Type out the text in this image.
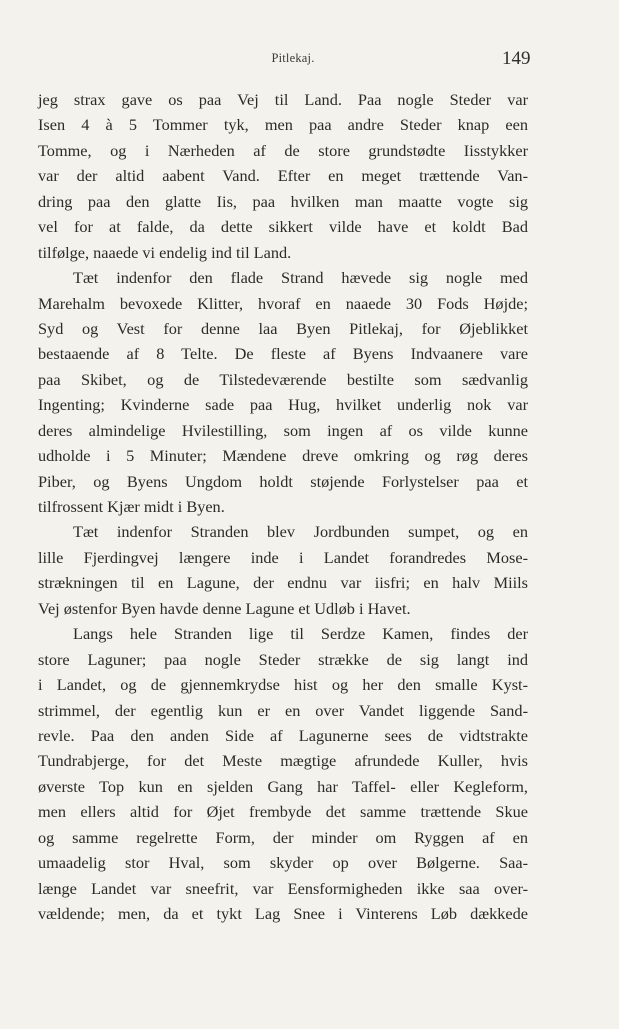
Pitlekaj.	149
jeg strax gave os paa Vej til Land. Paa nogle Steder var
Isen 4 à 5 Tommer tyk, men paa andre Steder knap een
Tomme, og i Nærheden af de store grundstødte Iisstykker
var der altid aabent Vand. Efter en meget trættende Van-
dring paa den glatte Iis, paa hvilken man maatte vogte sig
vel for at falde, da dette sikkert vilde have et koldt Bad
tilfølge, naaede vi endelig ind til Land.
Tæt indenfor den flade Strand hævede sig nogle med
Marehalm bevoxede Klitter, hvoraf en naaede 30 Fods Højde;
Syd og Vest for denne laa Byen Pitlekaj, for Øjeblikket
bestaaende af 8 Telte. De fleste af Byens Indvaanere vare
paa Skibet, og de Tilstedeværende bestilte som sædvanlig
Ingenting; Kvinderne sade paa Hug, hvilket underlig nok var
deres almindelige Hvilestilling, som ingen af os vilde kunne
udholde i 5 Minuter; Mændene dreve omkring og røg deres
Piber, og Byens Ungdom holdt støjende Forlystelser paa et
tilfrossent Kjær midt i Byen.
Tæt indenfor Stranden blev Jordbunden sumpet, og en
lille Fjerdingvej længere inde i Landet forandredes Mose-
strækningen til en Lagune, der endnu var iisfri; en halv Miils
Vej østenfor Byen havde denne Lagune et Udløb i Havet.
Langs hele Stranden lige til Serdze Kamen, findes der
store Laguner; paa nogle Steder strække de sig langt ind
i Landet, og de gjennemkrydse hist og her den smalle Kyst-
strimmel, der egentlig kun er en over Vandet liggende Sand-
revle. Paa den anden Side af Lagunerne sees de vidtstrakte
Tundrabjerge, for det Meste mægtige afrundede Kuller, hvis
øverste Top kun en sjelden Gang har Taffel- eller Kegleform,
men ellers altid for Øjet frembyde det samme trættende Skue
og samme regelrette Form, der minder om Ryggen af en
umaadelig stor Hval, som skyder op over Bølgerne. Saa-
længe Landet var sneefrit, var Eensformigheden ikke saa over-
vældende; men, da et tykt Lag Snee i Vinterens Løb dækkede
